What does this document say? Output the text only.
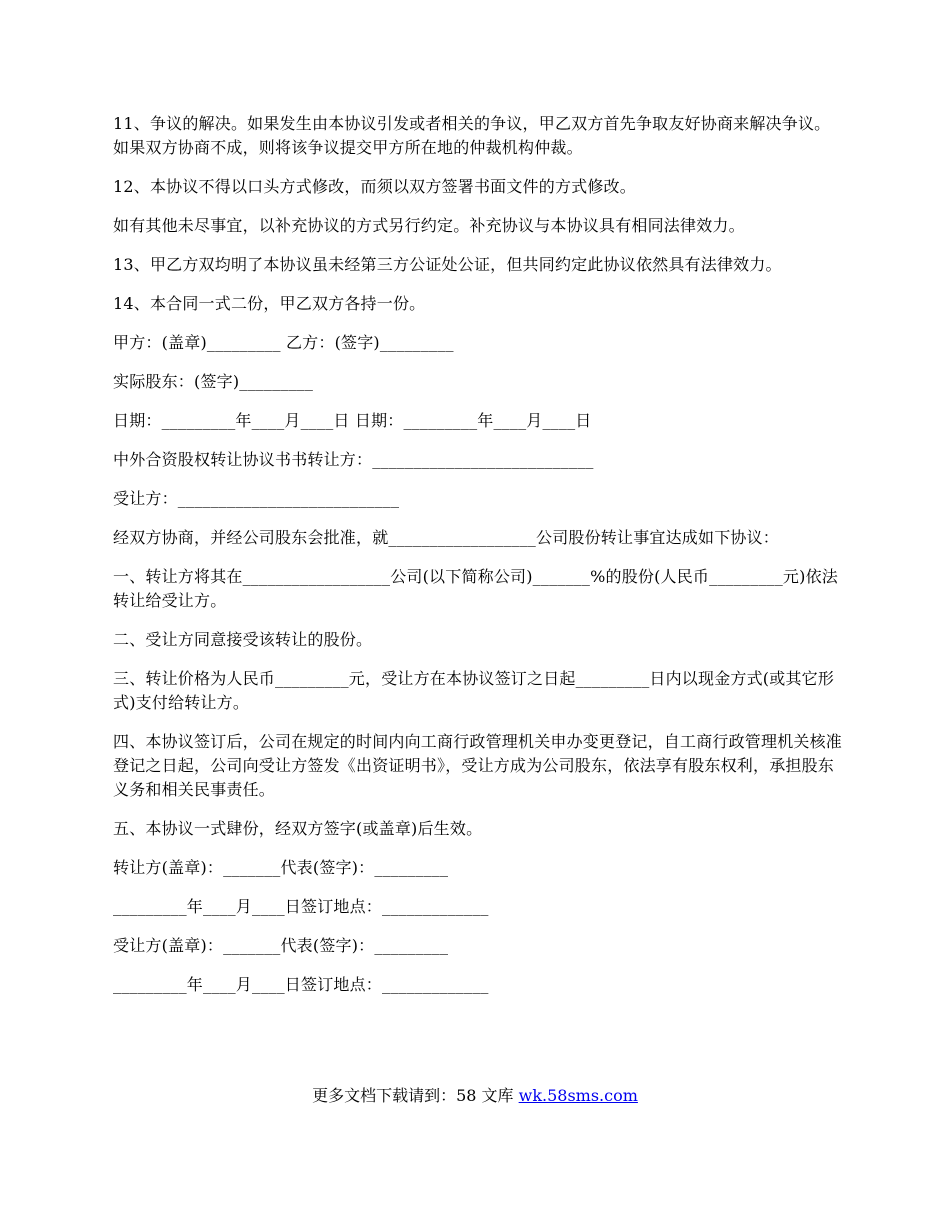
11、争议的解决。如果发生由本协议引发或者相关的争议，甲乙双方首先争取友好协商来解决争议。如果双方协商不成，则将该争议提交甲方所在地的仲裁机构仲裁。

12、本协议不得以口头方式修改，而须以双方签署书面文件的方式修改。

如有其他未尽事宜，以补充协议的方式另行约定。补充协议与本协议具有相同法律效力。

13、甲乙方双均明了本协议虽未经第三方公证处公证，但共同约定此协议依然具有法律效力。

14、本合同一式二份，甲乙双方各持一份。

甲方：(盖章)_________ 乙方：(签字)_________

实际股东：(签字)_________

日期：_________年____月____日 日期：_________年____月____日

中外合资股权转让协议书书转让方：___________________________

受让方：___________________________

经双方协商，并经公司股东会批准，就__________________公司股份转让事宜达成如下协议：

一、转让方将其在__________________公司(以下简称公司)_______%的股份(人民币_________元)依法转让给受让方。

二、受让方同意接受该转让的股份。

三、转让价格为人民币_________元，受让方在本协议签订之日起_________日内以现金方式(或其它形式)支付给转让方。

四、本协议签订后，公司在规定的时间内向工商行政管理机关申办变更登记，自工商行政管理机关核准登记之日起，公司向受让方签发《出资证明书》，受让方成为公司股东，依法享有股东权利，承担股东义务和相关民事责任。

五、本协议一式肆份，经双方签字(或盖章)后生效。

转让方(盖章)：_______代表(签字)：_________

_________年____月____日签订地点：_____________

受让方(盖章)：_______代表(签字)：_________

_________年____月____日签订地点：_____________

更多文档下载请到：58 文库 wk.58sms.com
